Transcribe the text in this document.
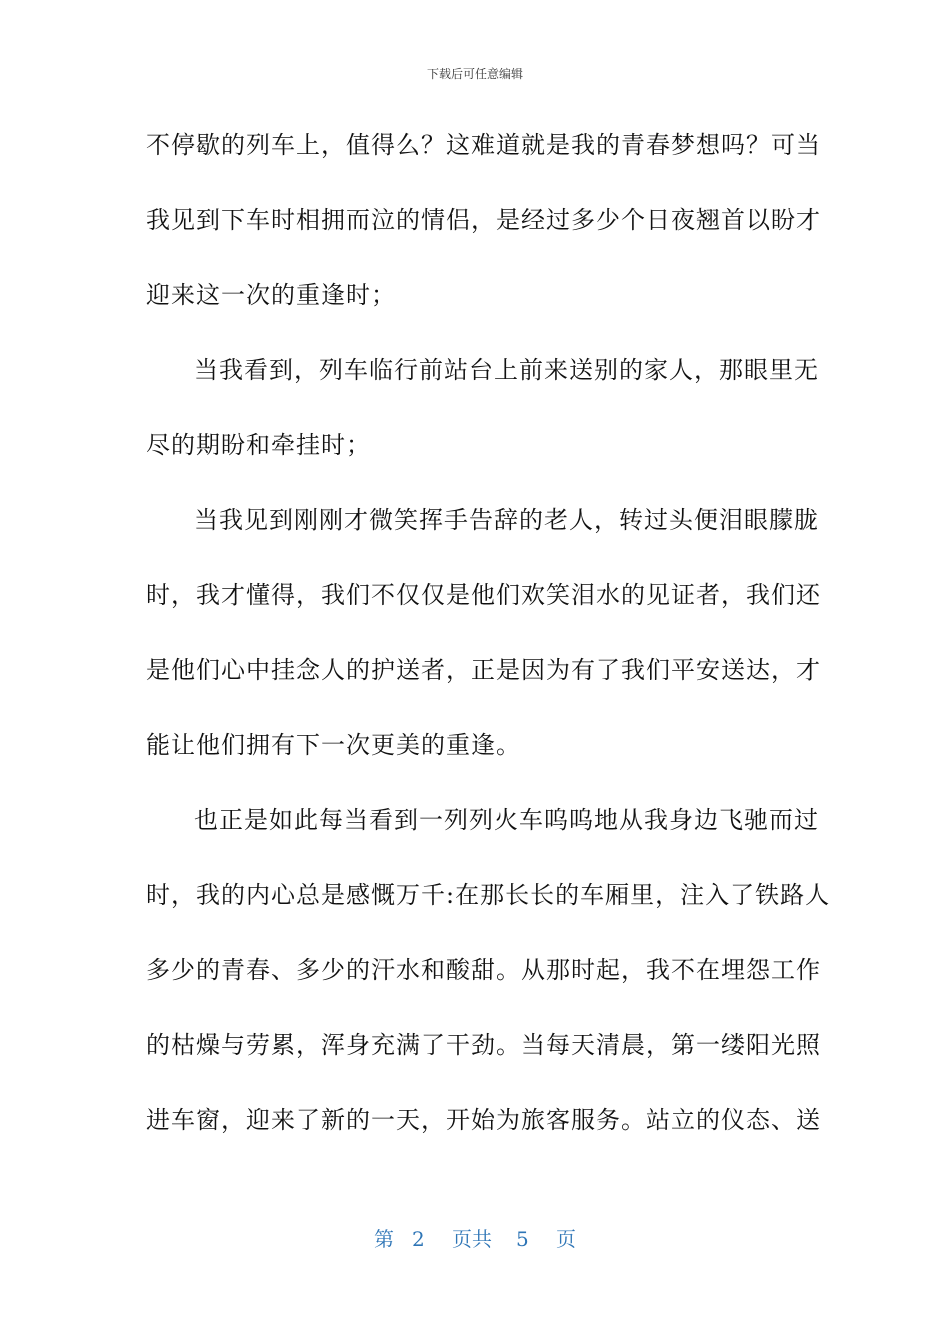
下载后可任意编辑
不停歇的列车上，值得么？这难道就是我的青春梦想吗？可当
我见到下车时相拥而泣的情侣，是经过多少个日夜翘首以盼才
迎来这一次的重逢时；
当我看到，列车临行前站台上前来送别的家人，那眼里无
尽的期盼和牵挂时；
当我见到刚刚才微笑挥手告辞的老人，转过头便泪眼朦胧
时，我才懂得，我们不仅仅是他们欢笑泪水的见证者，我们还
是他们心中挂念人的护送者，正是因为有了我们平安送达，才
能让他们拥有下一次更美的重逢。
也正是如此每当看到一列列火车呜呜地从我身边飞驰而过
时，我的内心总是感慨万千:在那长长的车厢里，注入了铁路人
多少的青春、多少的汗水和酸甜。从那时起，我不在埋怨工作
的枯燥与劳累，浑身充满了干劲。当每天清晨，第一缕阳光照
进车窗，迎来了新的一天，开始为旅客服务。站立的仪态、送
第 2 页共 5 页
